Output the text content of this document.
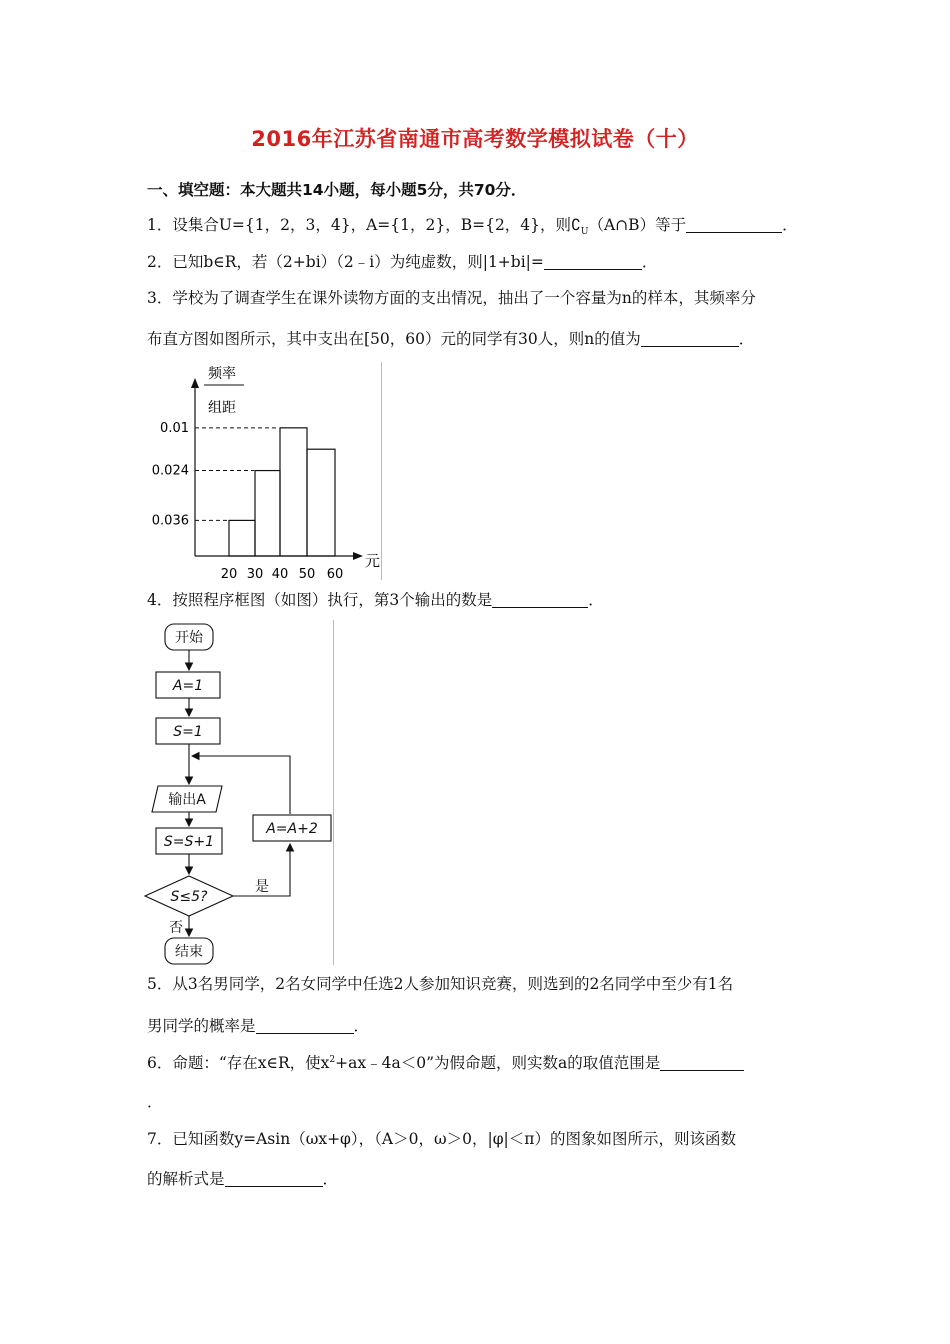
2016年江苏省南通市高考数学模拟试卷（十）
一、填空题：本大题共14小题，每小题5分，共70分．
1．设集合U={1，2，3，4}，A={1，2}，B={2，4}，则$∁_U(A\cap B)$等于	．
2．已知b∈R，若（2+bi）（2﹣i）为纯虚数，则|1+bi|=	．
3．学校为了调查学生在课外读物方面的支出情况，抽出了一个容量为n的样本，其频率分
布直方图如图所示，其中支出在[50，60）元的同学有30人，则n的值为	．
频率
组距
元
0.036
0.024
0.01
20 30 40 50 60
4．按照程序框图（如图）执行，第3个输出的数是	．
开始
A=1
S=1
输出A
S=S+1
S≤5?
A=A+2
是
否
结束
5．从3名男同学，2名女同学中任选2人参加知识竞赛，则选到的2名同学中至少有1名
男同学的概率是	．
6．命题：“存在x∈R，使$x^2+ax﹣4a<0$”为假命题，则实数a的取值范围是
．
7．已知函数y=Asin（ωx+φ），（A＞0，ω＞0，|φ|＜π）的图象如图所示，则该函数
的解析式是	．
